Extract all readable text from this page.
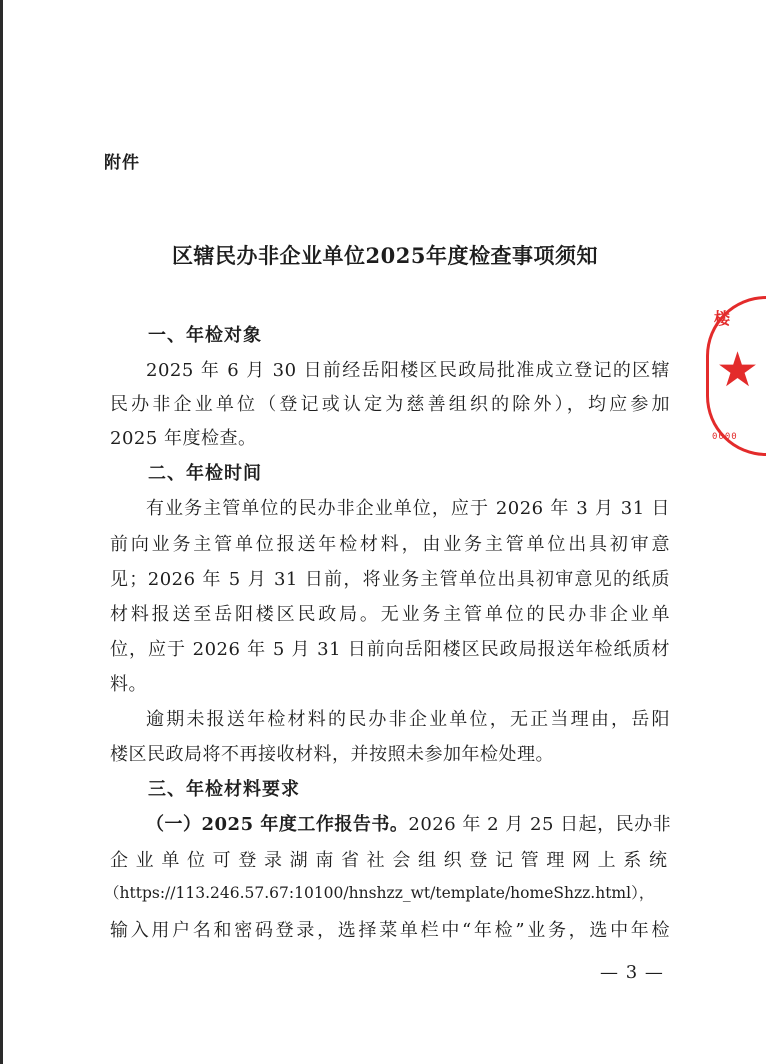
附件
区辖民办非企业单位2025年度检查事项须知
一、年检对象
2025 年 6 月 30 日前经岳阳楼区民政局批准成立登记的区辖
民办非企业单位（登记或认定为慈善组织的除外），均应参加
2025 年度检查。
二、年检时间
有业务主管单位的民办非企业单位，应于 2026 年 3 月 31 日
前向业务主管单位报送年检材料，由业务主管单位出具初审意
见；2026 年 5 月 31 日前，将业务主管单位出具初审意见的纸质
材料报送至岳阳楼区民政局。无业务主管单位的民办非企业单
位，应于 2026 年 5 月 31 日前向岳阳楼区民政局报送年检纸质材
料。
逾期未报送年检材料的民办非企业单位，无正当理由，岳阳
楼区民政局将不再接收材料，并按照未参加年检处理。
三、年检材料要求
（一）2025 年度工作报告书。 2026 年 2 月 25 日起，民办非
企业单位可登录湖南省社会组织登记管理网上系统
（https://113.246.57.67:10100/hnshzz_wt/template/homeShzz.html），
输入用户名和密码登录，选择菜单栏中“年检”业务，选中年检
— 3 —
楼
★
0000
